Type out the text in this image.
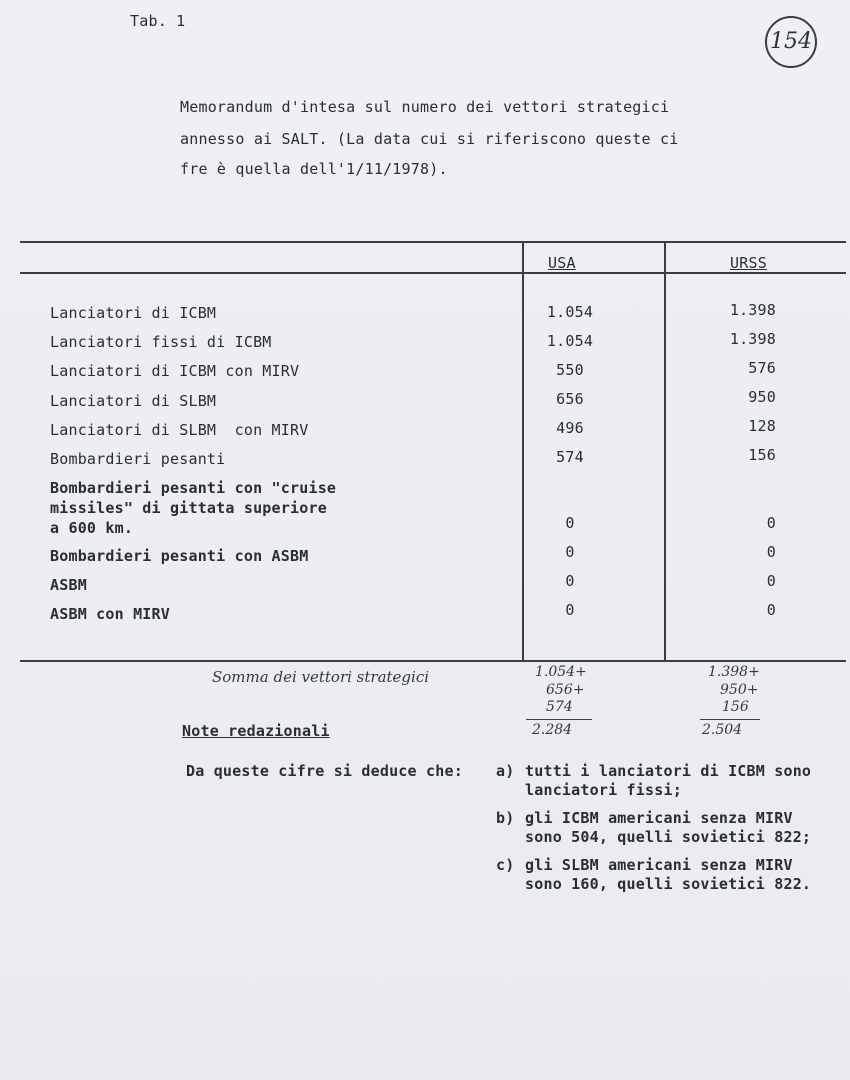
Tab. 1
154
Memorandum d'intesa sul numero dei vettori strategici
annesso ai SALT. (La data cui si riferiscono queste ci
fre è quella dell'1/11/1978).
USA	URSS
Lanciatori di ICBM
Lanciatori fissi di ICBM
Lanciatori di ICBM con MIRV
Lanciatori di SLBM
Lanciatori di SLBM  con MIRV
Bombardieri pesanti
Bombardieri pesanti con "cruise
missiles" di gittata superiore
a 600 km.
Bombardieri pesanti con ASBM
ASBM
ASBM con MIRV
1.054
1.054
550
656
496
574
0
0
0
0
1.398
1.398
576
950
128
156
0
0
0
0
Somma dei vettori strategici	1.054+
656+
574
2.284
1.398+
950+
156
2.504
Note redazionali
Da queste cifre si deduce che: a) tutti i lanciatori di ICBM sono
lanciatori fissi;
b) gli ICBM americani senza MIRV
sono 504, quelli sovietici 822;
c) gli SLBM americani senza MIRV
sono 160, quelli sovietici 822.
